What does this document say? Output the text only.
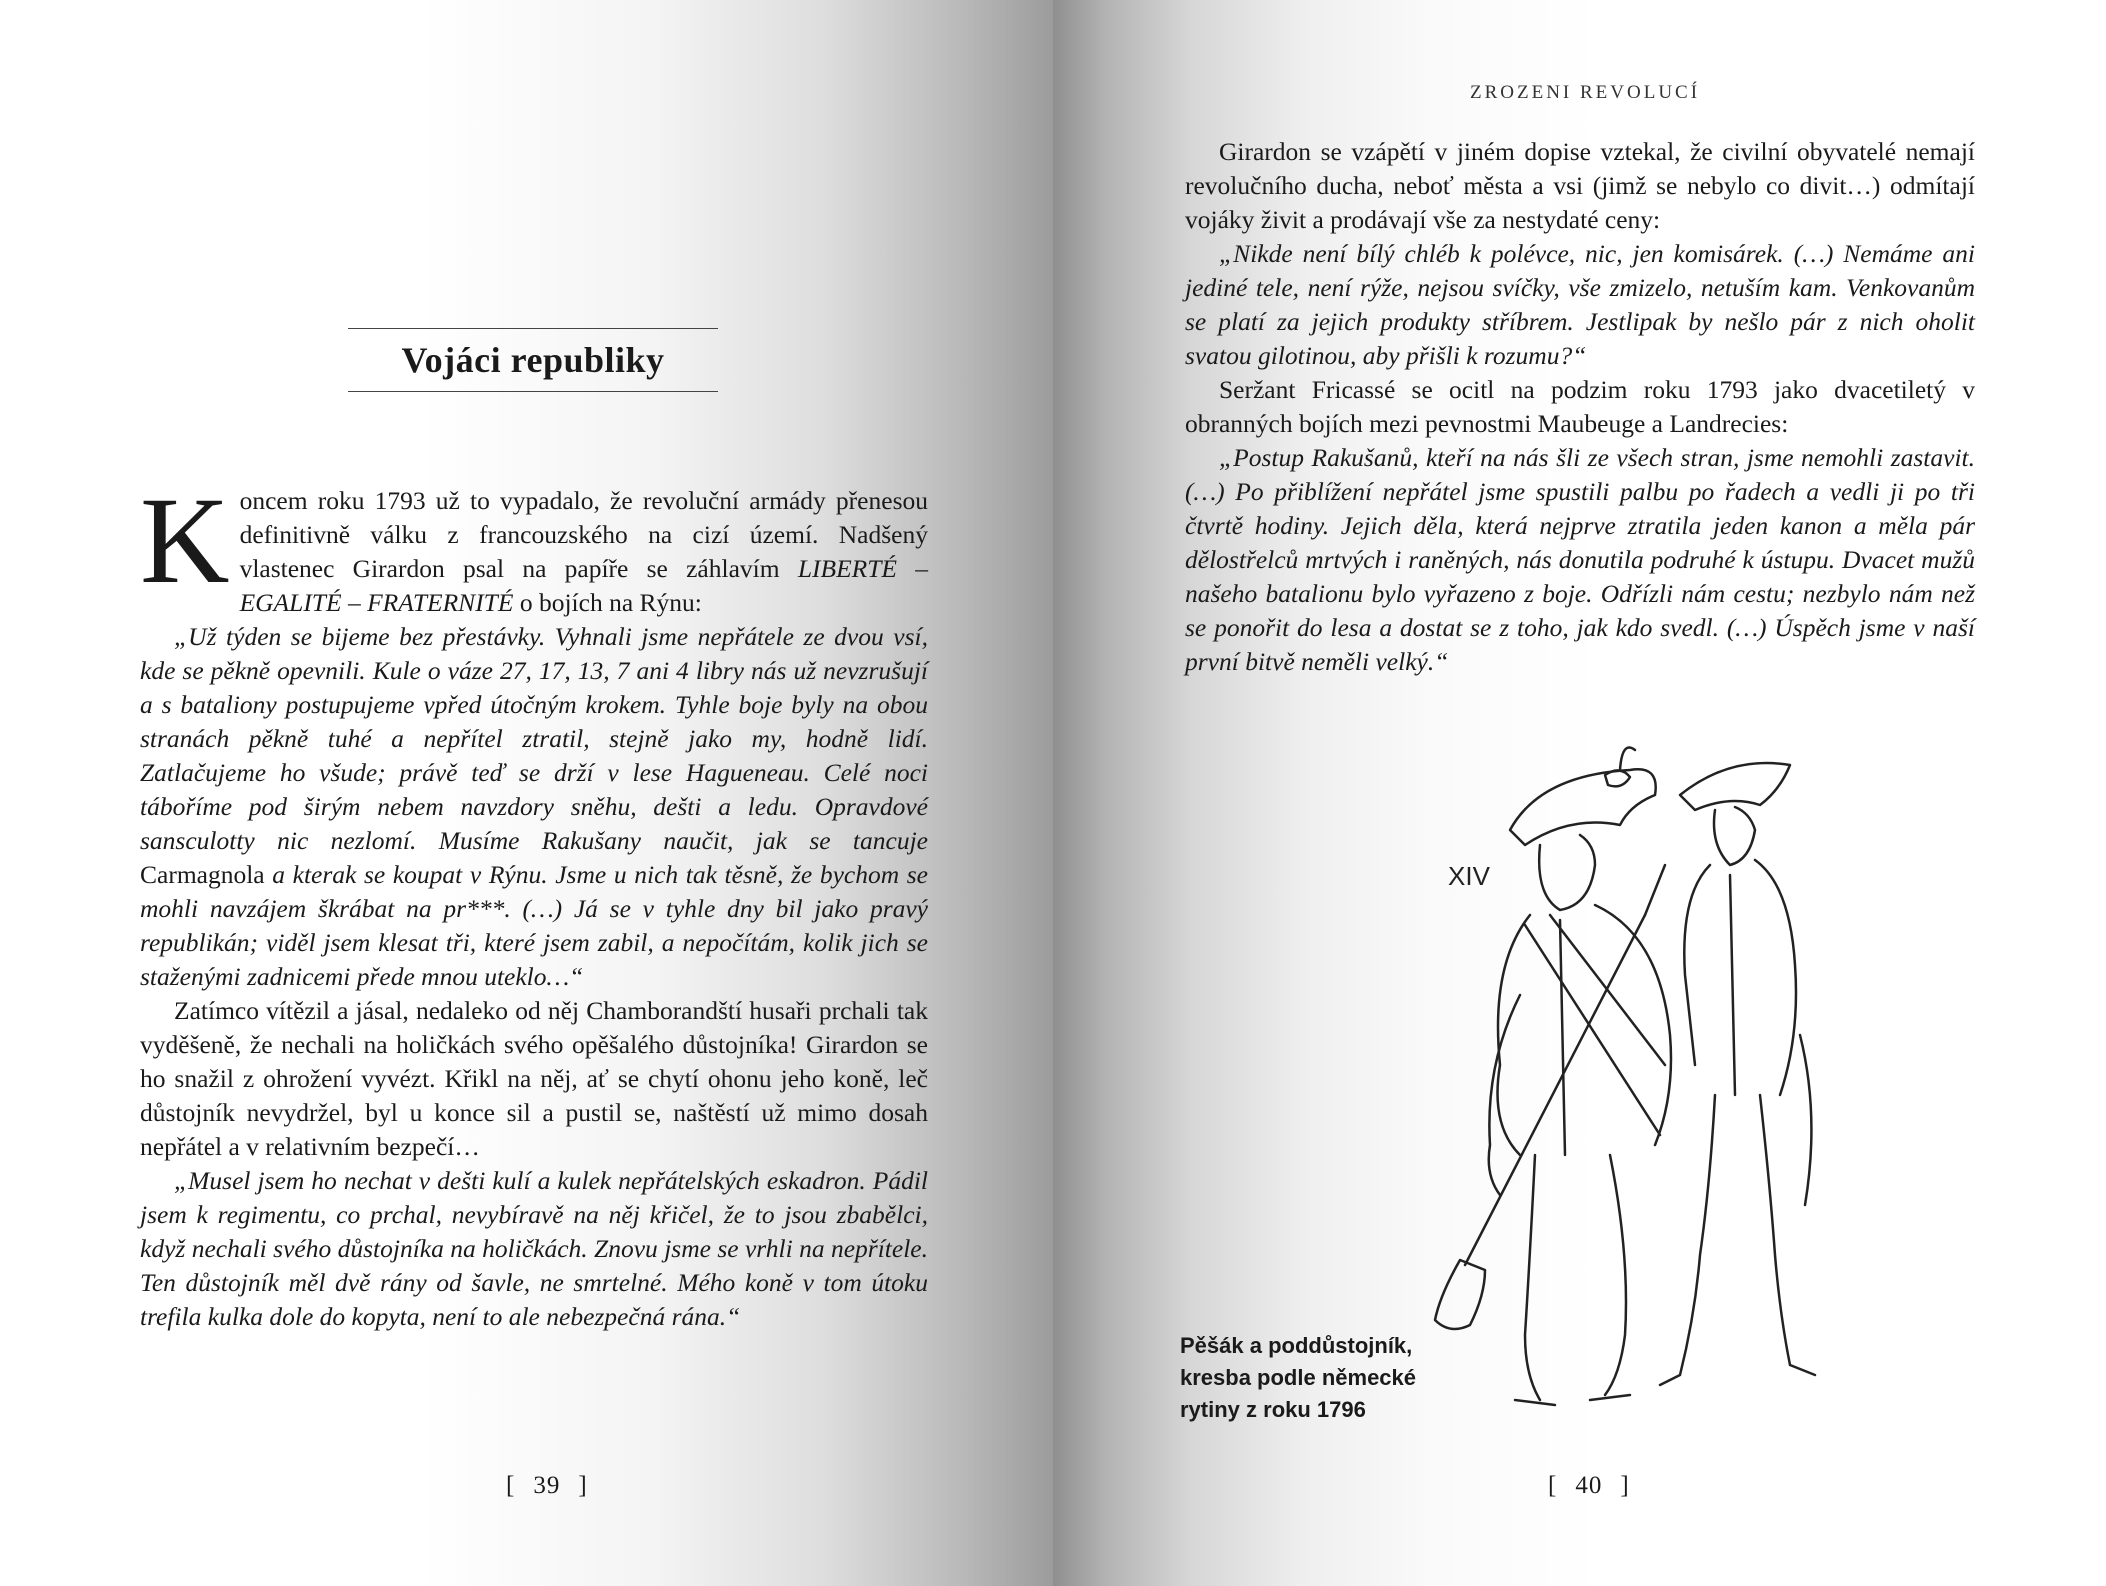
Vojáci republiky

Koncem roku 1793 už to vypadalo, že revoluční armády přenesou definitivně válku z francouzského na cizí území. Nadšený vlastenec Girardon psal na papíře se záhlavím LIBERTÉ – EGALITÉ – FRATERNITÉ o bojích na Rýnu:

„Už týden se bijeme bez přestávky. Vyhnali jsme nepřátele ze dvou vsí, kde se pěkně opevnili. Kule o váze 27, 17, 13, 7 ani 4 libry nás už nevzrušují a s bataliony postupujeme vpřed útočným krokem. Tyhle boje byly na obou stranách pěkně tuhé a nepřítel ztratil, stejně jako my, hodně lidí. Zatlačujeme ho všude; právě teď se drží v lese Hagueneau. Celé noci táboříme pod širým nebem navzdory sněhu, dešti a ledu. Opravdové sansculotty nic nezlomí. Musíme Rakušany naučit, jak se tancuje Carmagnola a kterak se koupat v Rýnu. Jsme u nich tak těsně, že bychom se mohli navzájem škrábat na pr***. (…) Já se v tyhle dny bil jako pravý republikán; viděl jsem klesat tři, které jsem zabil, a nepočítám, kolik jich se staženými zadnicemi přede mnou uteklo…“

Zatímco vítězil a jásal, nedaleko od něj Chamborandští husaři prchali tak vyděšeně, že nechali na holičkách svého opěšalého důstojníka! Girardon se ho snažil z ohrožení vyvézt. Křikl na něj, ať se chytí ohonu jeho koně, leč důstojník nevydržel, byl u konce sil a pustil se, naštěstí už mimo dosah nepřátel a v relativním bezpečí…

„Musel jsem ho nechat v dešti kulí a kulek nepřátelských eskadron. Pádil jsem k regimentu, co prchal, nevybíravě na něj křičel, že to jsou zbabělci, když nechali svého důstojníka na holičkách. Znovu jsme se vrhli na nepřítele. Ten důstojník měl dvě rány od šavle, ne smrtelné. Mého koně v tom útoku trefila kulka dole do kopyta, není to ale nebezpečná rána.“

[ 39 ]
ZROZENI REVOLUCÍ

Girardon se vzápětí v jiném dopise vztekal, že civilní obyvatelé nemají revolučního ducha, neboť města a vsi (jimž se nebylo co divit…) odmítají vojáky živit a prodávají vše za nestydaté ceny:

„Nikde není bílý chléb k polévce, nic, jen komisárek. (…) Nemáme ani jediné tele, není rýže, nejsou svíčky, vše zmizelo, netuším kam. Venkovanům se platí za jejich produkty stříbrem. Jestlipak by nešlo pár z nich oholit svatou gilotinou, aby přišli k rozumu?“

Seržant Fricassé se ocitl na podzim roku 1793 jako dvacetiletý v obranných bojích mezi pevnostmi Maubeuge a Landrecies:

„Postup Rakušanů, kteří na nás šli ze všech stran, jsme nemohli zastavit. (…) Po přiblížení nepřátel jsme spustili palbu po řadech a vedli ji po tři čtvrtě hodiny. Jejich děla, která nejprve ztratila jeden kanon a měla pár dělostřelců mrtvých i raněných, nás donutila podruhé k ústupu. Dvacet mužů našeho batalionu bylo vyřazeno z boje. Odřízli nám cestu; nezbylo nám než se ponořit do lesa a dostat se z toho, jak kdo svedl. (…) Úspěch jsme v naší první bitvě neměli velký.“

XIV
Pěšák a poddůstojník,
kresba podle německé
rytiny z roku 1796
[ 40 ]
